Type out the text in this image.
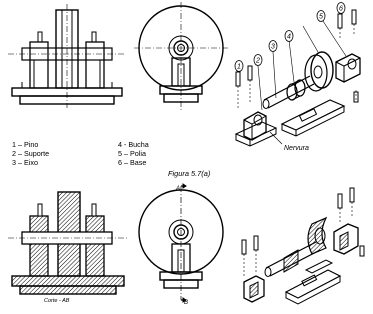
1
2
3
4
5
6
Nervura
Corte - AB
A
B
1 – Pino
2 – Suporte
3 – Eixo
4 - Bucha
5 – Polia
6 – Base
Figura 5.7(a)
